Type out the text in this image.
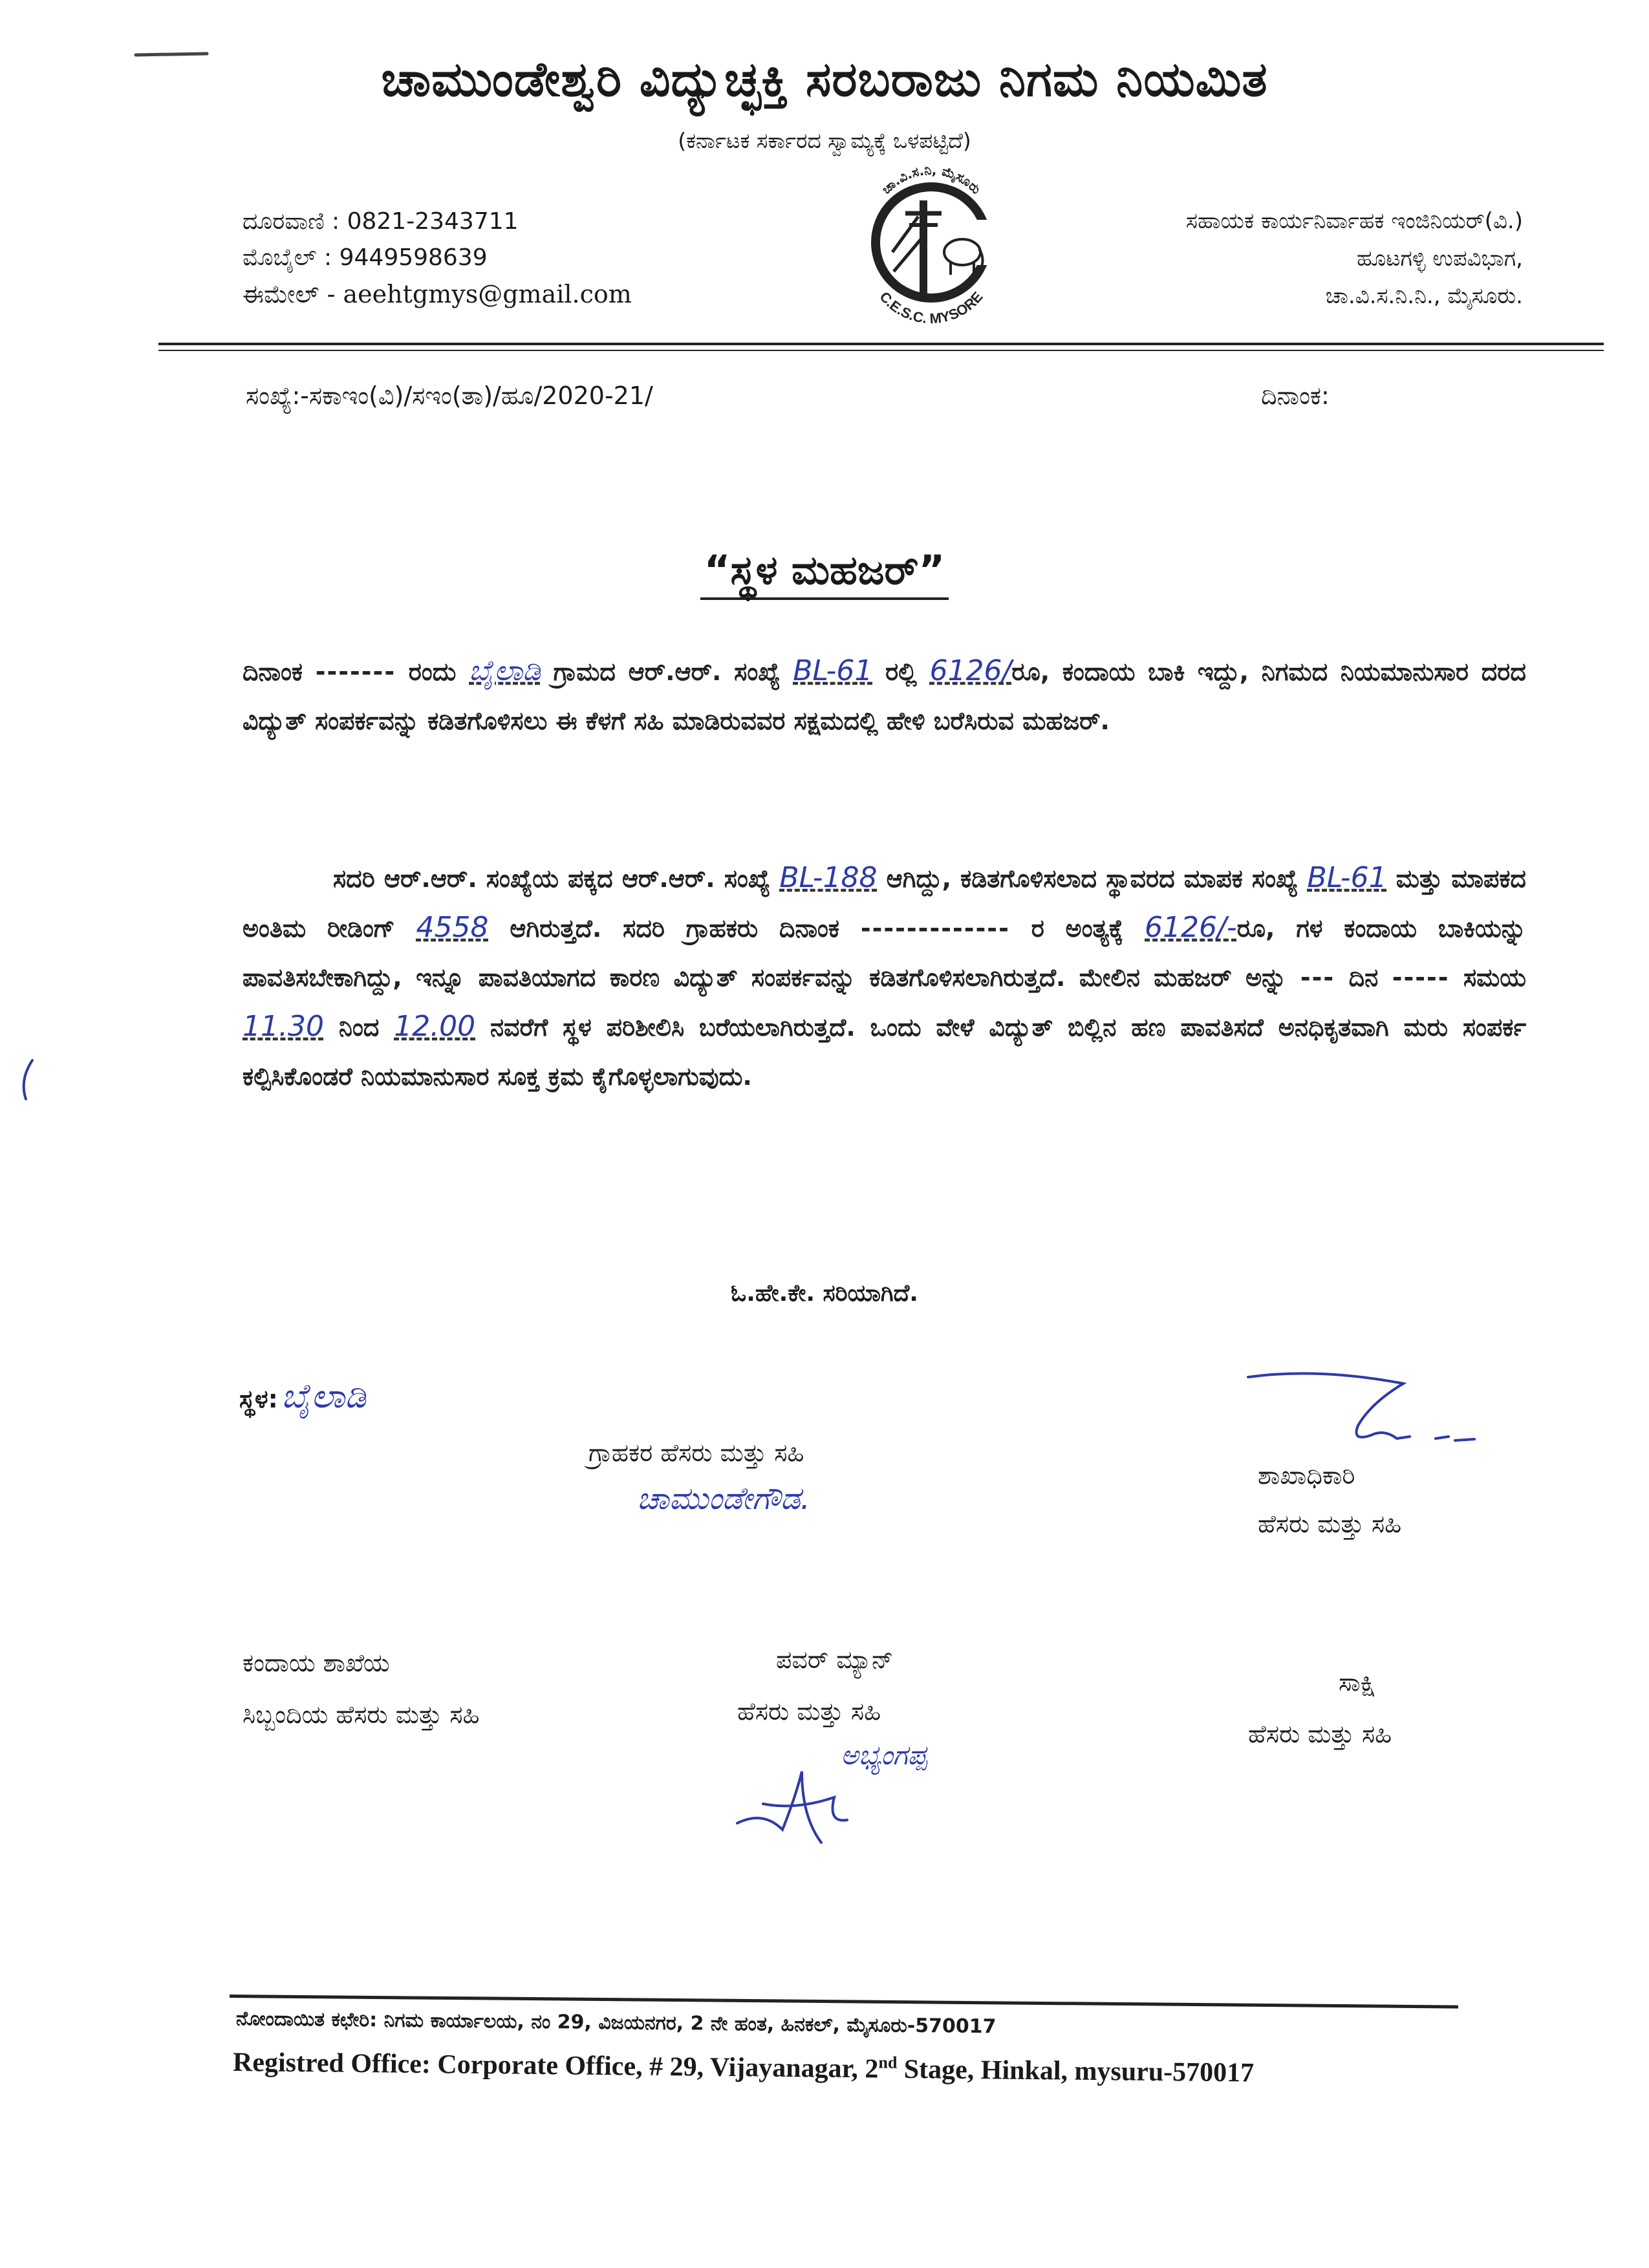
ಚಾಮುಂಡೇಶ್ವರಿ ವಿದ್ಯುಚ್ಛಕ್ತಿ ಸರಬರಾಜು ನಿಗಮ ನಿಯಮಿತ
(ಕರ್ನಾಟಕ ಸರ್ಕಾರದ ಸ್ವಾಮ್ಯಕ್ಕೆ ಒಳಪಟ್ಟಿದೆ)
ದೂರವಾಣಿ : 0821-2343711
ಮೊಬೈಲ್ : 9449598639
ಈಮೇಲ್ - aeehtgmys@gmail.com
ಚಾ.ವಿ.ಸ.ನಿ, ಮೈಸೂರು
C.E.S.C. MYSORE
ಸಹಾಯಕ ಕಾರ್ಯನಿರ್ವಾಹಕ ಇಂಜಿನಿಯರ್(ವಿ.)
ಹೂಟಗಳ್ಳಿ ಉಪವಿಭಾಗ,
ಚಾ.ವಿ.ಸ.ನಿ.ನಿ., ಮೈಸೂರು.
ಸಂಖ್ಯೆ:-ಸಕಾಇಂ(ವಿ)/ಸಇಂ(ತಾ)/ಹೂ/2020-21/	ದಿನಾಂಕ:
“ಸ್ಥಳ ಮಹಜರ್”
ದಿನಾಂಕ ------- ರಂದು ಬೈಲಾಡಿ ಗ್ರಾಮದ ಆರ್.ಆರ್. ಸಂಖ್ಯೆ BL-61 ರಲ್ಲಿ 6126/ರೂ, ಕಂದಾಯ ಬಾಕಿ ಇದ್ದು, ನಿಗಮದ ನಿಯಮಾನುಸಾರ ದರದ ವಿದ್ಯುತ್ ಸಂಪರ್ಕವನ್ನು ಕಡಿತಗೊಳಿಸಲು ಈ ಕೆಳಗೆ ಸಹಿ ಮಾಡಿರುವವರ ಸಕ್ಷಮದಲ್ಲಿ ಹೇಳಿ ಬರೆಸಿರುವ ಮಹಜರ್.
ಸದರಿ ಆರ್.ಆರ್. ಸಂಖ್ಯೆಯ ಪಕ್ಕದ ಆರ್.ಆರ್. ಸಂಖ್ಯೆ BL-188 ಆಗಿದ್ದು, ಕಡಿತಗೊಳಿಸಲಾದ ಸ್ಥಾವರದ ಮಾಪಕ ಸಂಖ್ಯೆ BL-61 ಮತ್ತು ಮಾಪಕದ ಅಂತಿಮ ರೀಡಿಂಗ್ 4558 ಆಗಿರುತ್ತದೆ. ಸದರಿ ಗ್ರಾಹಕರು ದಿನಾಂಕ ------------- ರ ಅಂತ್ಯಕ್ಕೆ 6126/-ರೂ, ಗಳ ಕಂದಾಯ ಬಾಕಿಯನ್ನು ಪಾವತಿಸಬೇಕಾಗಿದ್ದು, ಇನ್ನೂ ಪಾವತಿಯಾಗದ ಕಾರಣ ವಿದ್ಯುತ್ ಸಂಪರ್ಕವನ್ನು ಕಡಿತಗೊಳಿಸಲಾಗಿರುತ್ತದೆ. ಮೇಲಿನ ಮಹಜರ್ ಅನ್ನು --- ದಿನ ----- ಸಮಯ 11.30 ನಿಂದ 12.00 ನವರೆಗೆ ಸ್ಥಳ ಪರಿಶೀಲಿಸಿ ಬರೆಯಲಾಗಿರುತ್ತದೆ. ಒಂದು ವೇಳೆ ವಿದ್ಯುತ್ ಬಿಲ್ಲಿನ ಹಣ ಪಾವತಿಸದೆ ಅನಧಿಕೃತವಾಗಿ ಮರು ಸಂಪರ್ಕ ಕಲ್ಪಿಸಿಕೊಂಡರೆ ನಿಯಮಾನುಸಾರ ಸೂಕ್ತ ಕ್ರಮ ಕೈಗೊಳ್ಳಲಾಗುವುದು.
ಓ.ಹೇ.ಕೇ. ಸರಿಯಾಗಿದೆ.
ಸ್ಥಳ: ಬೈಲಾಡಿ
ಗ್ರಾಹಕರ ಹೆಸರು ಮತ್ತು ಸಹಿ
ಚಾಮುಂಡೇಗೌಡ.
ಶಾಖಾಧಿಕಾರಿ
ಹೆಸರು ಮತ್ತು ಸಹಿ
ಕಂದಾಯ ಶಾಖೆಯ
ಸಿಬ್ಬಂದಿಯ ಹೆಸರು ಮತ್ತು ಸಹಿ
ಪವರ್ ಮ್ಯಾನ್
ಹೆಸರು ಮತ್ತು ಸಹಿ
ಅಭ್ಯಂಗಪ್ಪ
ಸಾಕ್ಷಿ
ಹೆಸರು ಮತ್ತು ಸಹಿ
ನೋಂದಾಯಿತ ಕಛೇರಿ: ನಿಗಮ ಕಾರ್ಯಾಲಯ, ನಂ 29, ವಿಜಯನಗರ, 2 ನೇ ಹಂತ, ಹಿನಕಲ್, ಮೈಸೂರು-570017
Registred Office: Corporate Office, # 29, Vijayanagar, 2nd Stage, Hinkal, mysuru-570017
